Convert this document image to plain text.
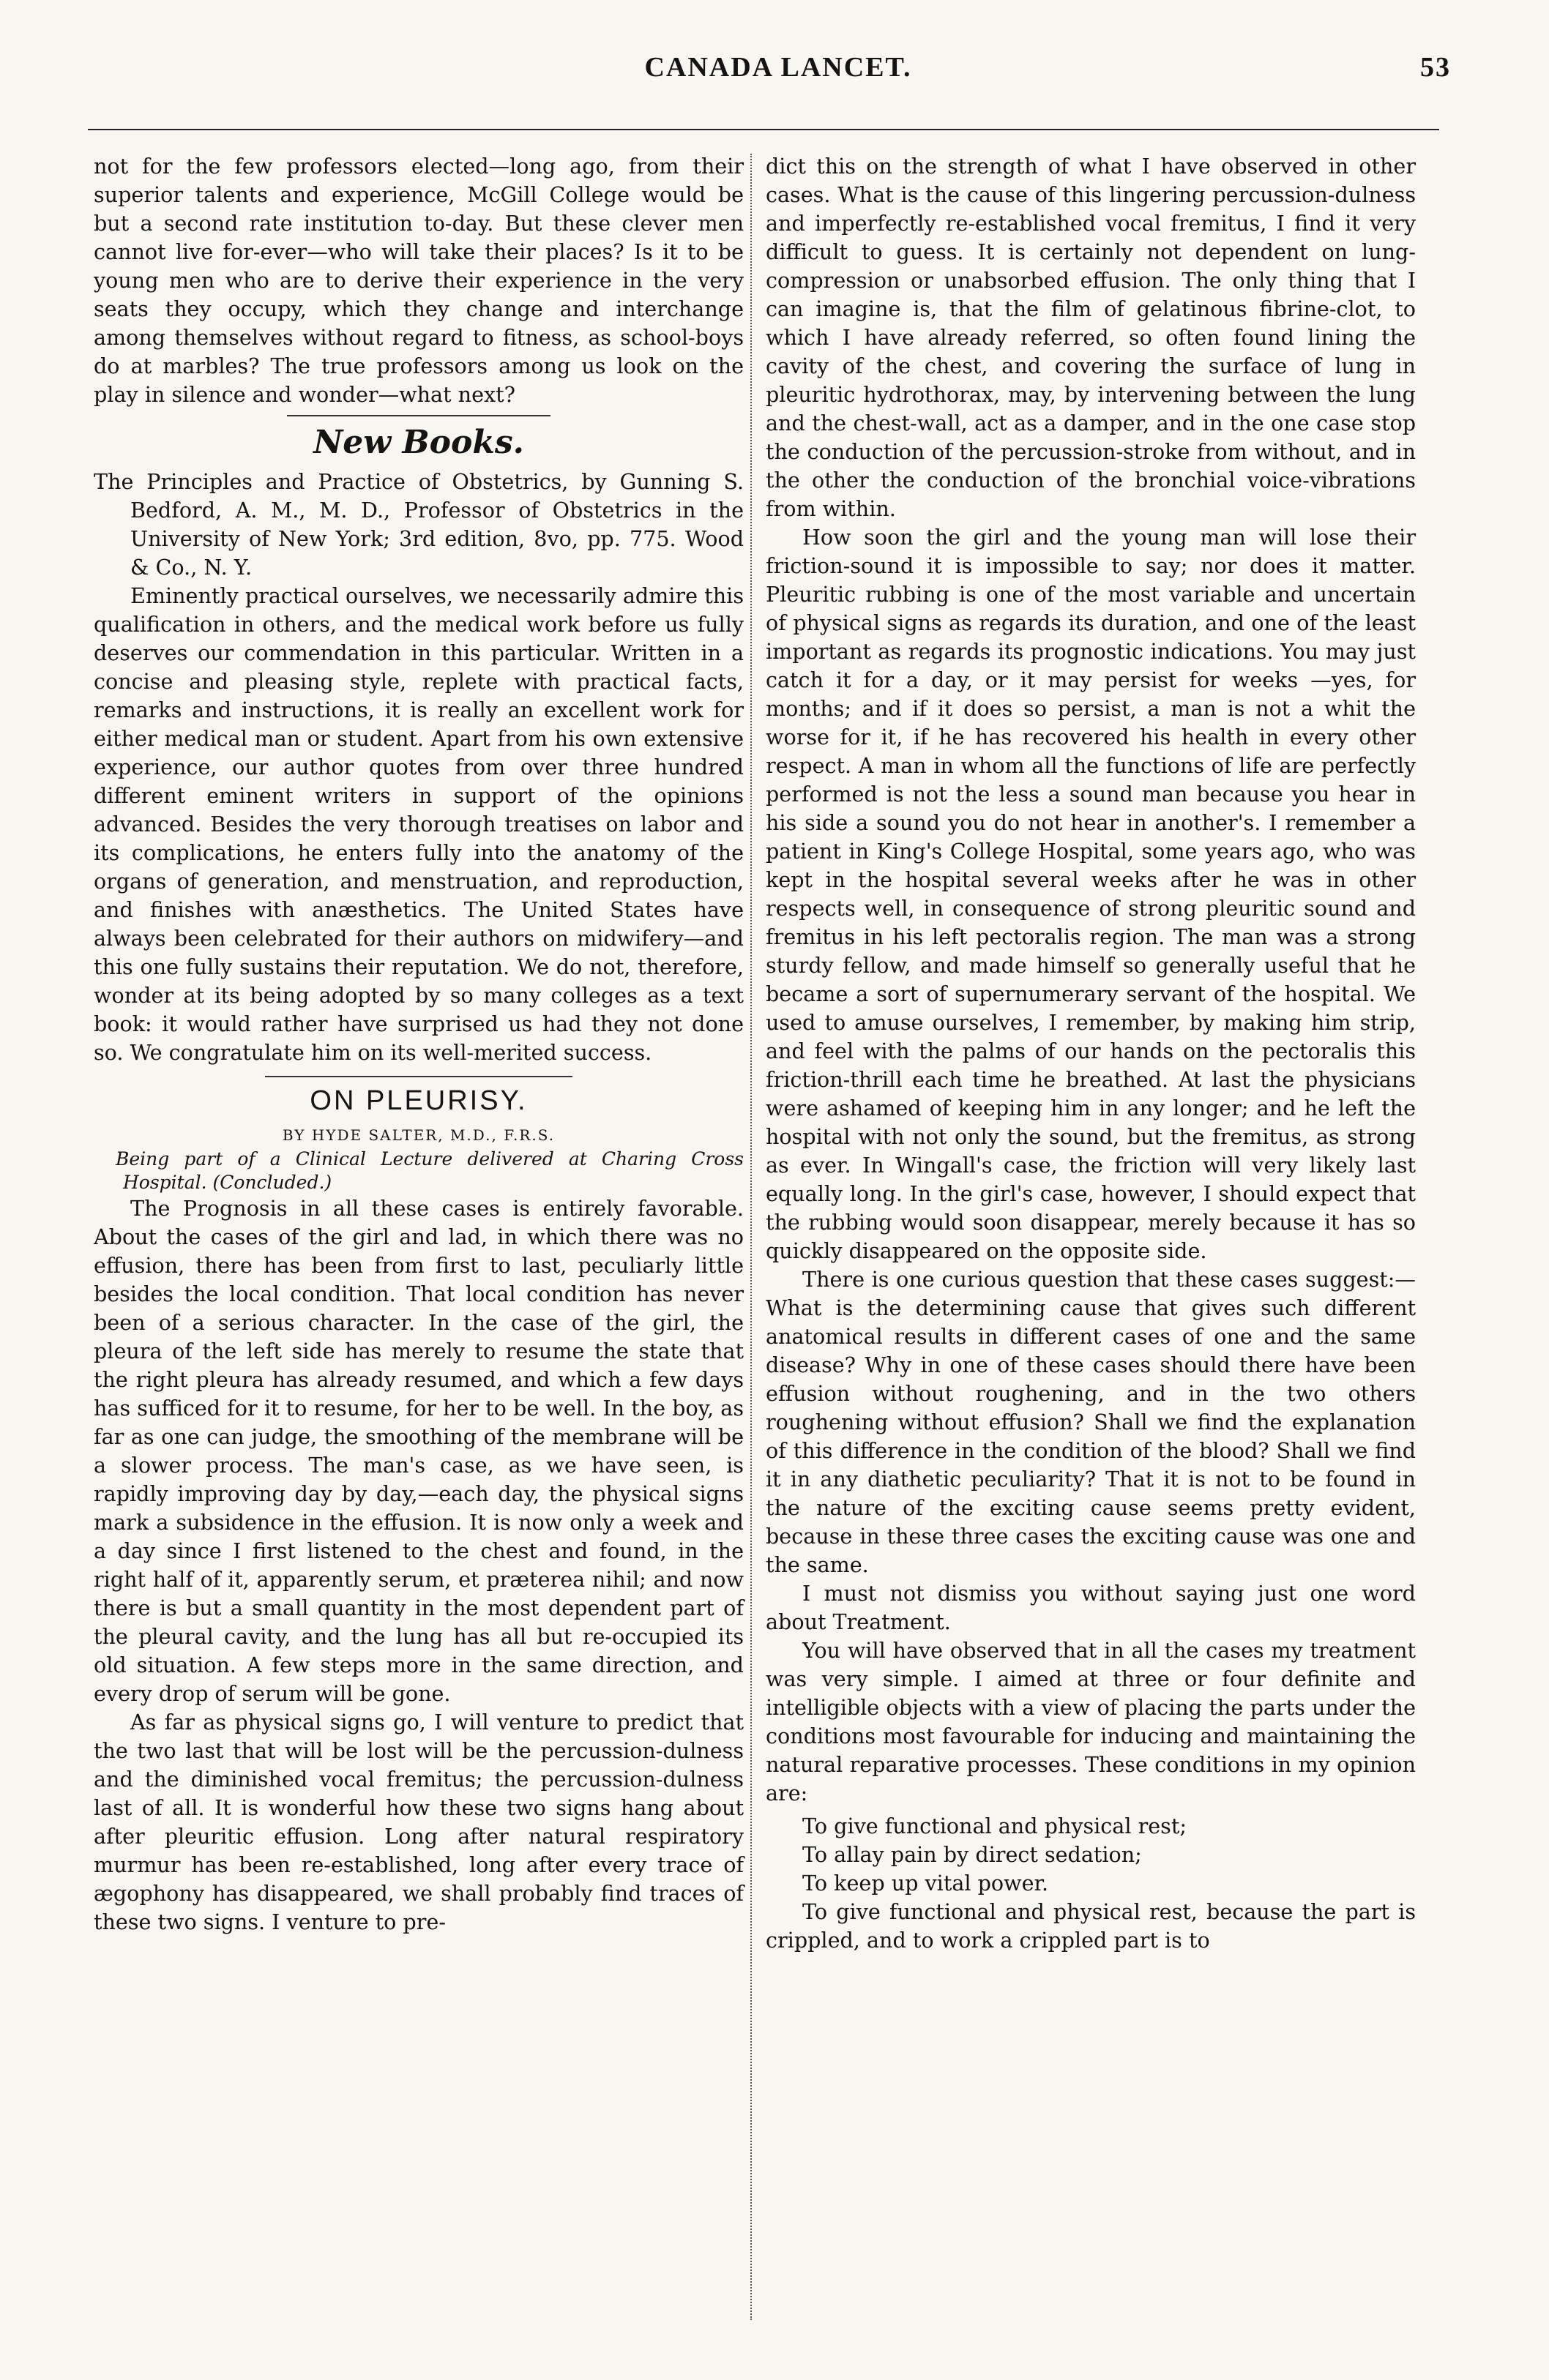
CANADA LANCET.	53

not for the few professors elected—long ago, from their superior talents and experience, McGill College would be but a second rate institution to-day. But these clever men cannot live for-ever—who will take their places? Is it to be young men who are to derive their experience in the very seats they occupy, which they change and interchange among themselves without regard to fitness, as school-boys do at marbles? The true professors among us look on the play in silence and wonder—what next?

New Books.

The Principles and Practice of Obstetrics, by Gunning S. Bedford, A. M., M. D., Professor of Obstetrics in the University of New York; 3rd edition, 8vo, pp. 775. Wood & Co., N. Y.

Eminently practical ourselves, we necessarily admire this qualification in others, and the medical work before us fully deserves our commendation in this particular. Written in a concise and pleasing style, replete with practical facts, remarks and instructions, it is really an excellent work for either medical man or student. Apart from his own extensive experience, our author quotes from over three hundred different eminent writers in support of the opinions advanced. Besides the very thorough treatises on labor and its complications, he enters fully into the anatomy of the organs of generation, and menstruation, and reproduction, and finishes with anæsthetics. The United States have always been celebrated for their authors on midwifery—and this one fully sustains their reputation. We do not, therefore, wonder at its being adopted by so many colleges as a text book: it would rather have surprised us had they not done so. We congratulate him on its well-merited success.

ON PLEURISY.
BY HYDE SALTER, M.D., F.R.S.
Being part of a Clinical Lecture delivered at Charing Cross Hospital. (Concluded.)

The Prognosis in all these cases is entirely favorable. About the cases of the girl and lad, in which there was no effusion, there has been from first to last, peculiarly little besides the local condition. That local condition has never been of a serious character. In the case of the girl, the pleura of the left side has merely to resume the state that the right pleura has already resumed, and which a few days has sufficed for it to resume, for her to be well. In the boy, as far as one can judge, the smoothing of the membrane will be a slower process. The man's case, as we have seen, is rapidly improving day by day,—each day, the physical signs mark a subsidence in the effusion. It is now only a week and a day since I first listened to the chest and found, in the right half of it, apparently serum, et præterea nihil; and now there is but a small quantity in the most dependent part of the pleural cavity, and the lung has all but re-occupied its old situation. A few steps more in the same direction, and every drop of serum will be gone.

As far as physical signs go, I will venture to predict that the two last that will be lost will be the percussion-dulness and the diminished vocal fremitus; the percussion-dulness last of all. It is wonderful how these two signs hang about after pleuritic effusion. Long after natural respiratory murmur has been re-established, long after every trace of ægophony has disappeared, we shall probably find traces of these two signs. I venture to pre-

dict this on the strength of what I have observed in other cases. What is the cause of this lingering percussion-dulness and imperfectly re-established vocal fremitus, I find it very difficult to guess. It is certainly not dependent on lung-compression or unabsorbed effusion. The only thing that I can imagine is, that the film of gelatinous fibrine-clot, to which I have already referred, so often found lining the cavity of the chest, and covering the surface of lung in pleuritic hydrothorax, may, by intervening between the lung and the chest-wall, act as a damper, and in the one case stop the conduction of the percussion-stroke from without, and in the other the conduction of the bronchial voice-vibrations from within.

How soon the girl and the young man will lose their friction-sound it is impossible to say; nor does it matter. Pleuritic rubbing is one of the most variable and uncertain of physical signs as regards its duration, and one of the least important as regards its prognostic indications. You may just catch it for a day, or it may persist for weeks —yes, for months; and if it does so persist, a man is not a whit the worse for it, if he has recovered his health in every other respect. A man in whom all the functions of life are perfectly performed is not the less a sound man because you hear in his side a sound you do not hear in another's. I remember a patient in King's College Hospital, some years ago, who was kept in the hospital several weeks after he was in other respects well, in consequence of strong pleuritic sound and fremitus in his left pectoralis region. The man was a strong sturdy fellow, and made himself so generally useful that he became a sort of supernumerary servant of the hospital. We used to amuse ourselves, I remember, by making him strip, and feel with the palms of our hands on the pectoralis this friction-thrill each time he breathed. At last the physicians were ashamed of keeping him in any longer; and he left the hospital with not only the sound, but the fremitus, as strong as ever. In Wingall's case, the friction will very likely last equally long. In the girl's case, however, I should expect that the rubbing would soon disappear, merely because it has so quickly disappeared on the opposite side.

There is one curious question that these cases suggest:—What is the determining cause that gives such different anatomical results in different cases of one and the same disease? Why in one of these cases should there have been effusion without roughening, and in the two others roughening without effusion? Shall we find the explanation of this difference in the condition of the blood? Shall we find it in any diathetic peculiarity? That it is not to be found in the nature of the exciting cause seems pretty evident, because in these three cases the exciting cause was one and the same.

I must not dismiss you without saying just one word about Treatment.

You will have observed that in all the cases my treatment was very simple. I aimed at three or four definite and intelligible objects with a view of placing the parts under the conditions most favourable for inducing and maintaining the natural reparative processes. These conditions in my opinion are:

To give functional and physical rest;
To allay pain by direct sedation;
To keep up vital power.

To give functional and physical rest, because the part is crippled, and to work a crippled part is to
